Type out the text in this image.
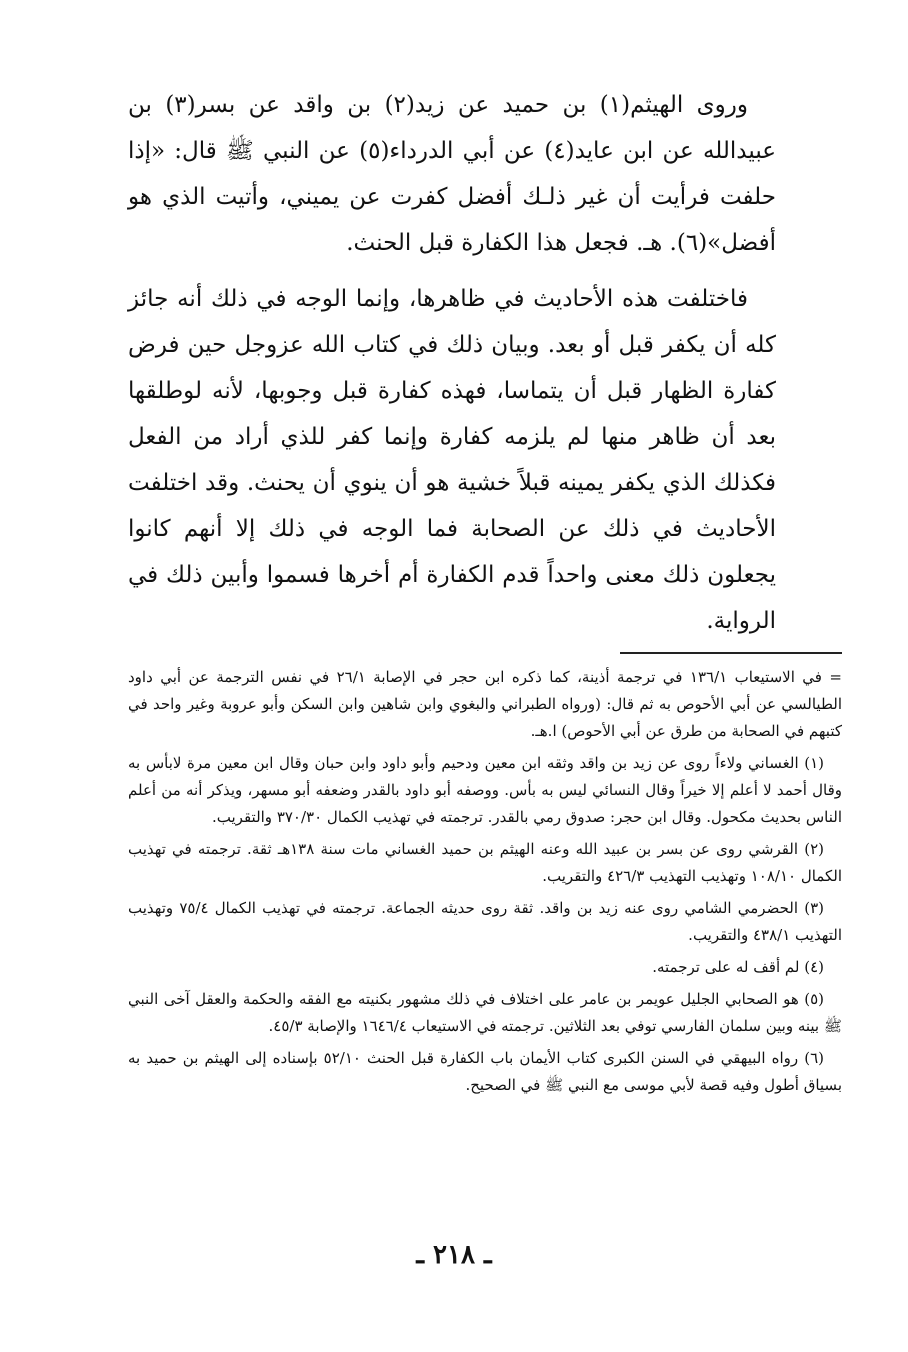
وروى الهيثم(١) بن حميد عن زيد(٢) بن واقد عن بسر(٣) بن عبيدالله عن ابن عايد(٤) عن أبي الدرداء(٥) عن النبي ﷺ قال: «إذا حلفت فرأيت أن غير ذلـك أفضل كفرت عن يميني، وأتيت الذي هو أفضل»(٦). هـ. فجعل هذا الكفارة قبل الحنث.

فاختلفت هذه الأحاديث في ظاهرها، وإنما الوجه في ذلك أنه جائز كله أن يكفر قبل أو بعد. وبيان ذلك في كتاب الله عزوجل حين فرض كفارة الظهار قبل أن يتماسا، فهذه كفارة قبل وجوبها، لأنه لوطلقها بعد أن ظاهر منها لم يلزمه كفارة وإنما كفر للذي أراد من الفعل فكذلك الذي يكفر يمينه قبلاً خشية هو أن ينوي أن يحنث. وقد اختلفت الأحاديث في ذلك عن الصحابة فما الوجه في ذلك إلا أنهم كانوا يجعلون ذلك معنى واحداً قدم الكفارة أم أخرها فسموا وأبين ذلك في الرواية.

= في الاستيعاب ١٣٦/١ في ترجمة أذينة، كما ذكره ابن حجر في الإصابة ٢٦/١ في نفس الترجمة عن أبي داود الطيالسي عن أبي الأحوص به ثم قال: (ورواه الطبراني والبغوي وابن شاهين وابن السكن وأبو عروبة وغير واحد في كتبهم في الصحابة من طرق عن أبي الأحوص) ا.هـ.

(١) الغساني ولاءاً روى عن زيد بن واقد وثقه ابن معين ودحيم وأبو داود وابن حبان وقال ابن معين مرة لابأس به وقال أحمد لا أعلم إلا خيراً وقال النسائي ليس به بأس. ووصفه أبو داود بالقدر وضعفه أبو مسهر، ويذكر أنه من أعلم الناس بحديث مكحول. وقال ابن حجر: صدوق رمي بالقدر. ترجمته في تهذيب الكمال ٣٧٠/٣٠ والتقريب.

(٢) القرشي روى عن بسر بن عبيد الله وعنه الهيثم بن حميد الغساني مات سنة ١٣٨هـ ثقة. ترجمته في تهذيب الكمال ١٠٨/١٠ وتهذيب التهذيب ٤٢٦/٣ والتقريب.

(٣) الحضرمي الشامي روى عنه زيد بن واقد. ثقة روى حديثه الجماعة. ترجمته في تهذيب الكمال ٧٥/٤ وتهذيب التهذيب ٤٣٨/١ والتقريب.

(٤) لم أقف له على ترجمته.

(٥) هو الصحابي الجليل عويمر بن عامر على اختلاف في ذلك مشهور بكنيته مع الفقه والحكمة والعقل آخى النبي ﷺ بينه وبين سلمان الفارسي توفي بعد الثلاثين. ترجمته في الاستيعاب ١٦٤٦/٤ والإصابة ٤٥/٣.

(٦) رواه البيهقي في السنن الكبرى كتاب الأيمان باب الكفارة قبل الحنث ٥٢/١٠ بإسناده إلى الهيثم بن حميد به بسياق أطول وفيه قصة لأبي موسى مع النبي ﷺ في الصحيح.

ـ ٢١٨ ـ
